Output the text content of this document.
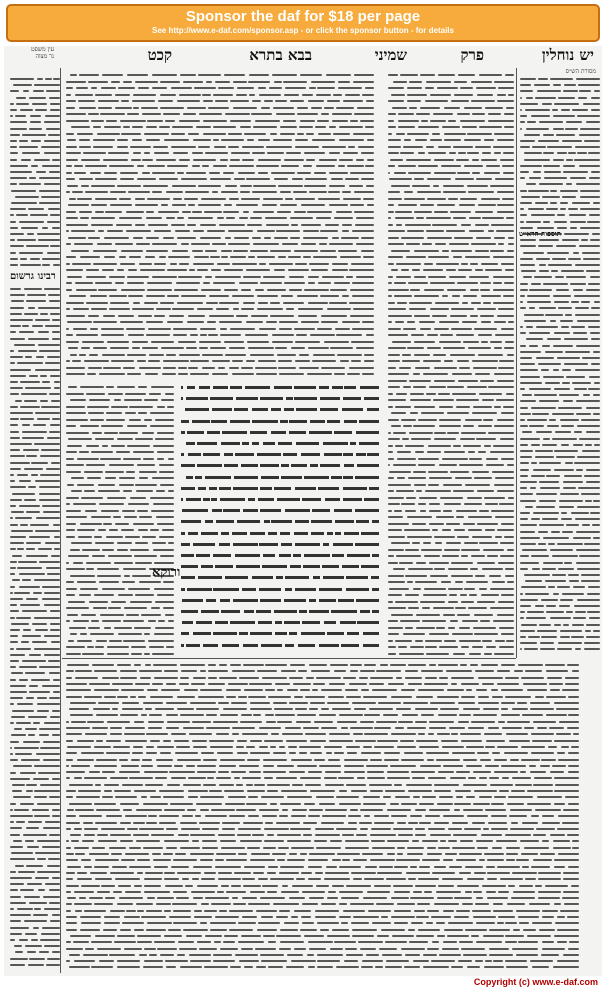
Sponsor the daf for $18 per page
See http://www.e-daf.com/sponsor.asp - or click the sponsor button - for details
עין משפט
נר מצוה	יש נוחלין
פרק
שמיני
בבא בתרא
קכט
מסורת הש״ס
רבינו גרשום
תוספות הרא״ש
ורוקא
Copyright (c) www.e-daf.com
